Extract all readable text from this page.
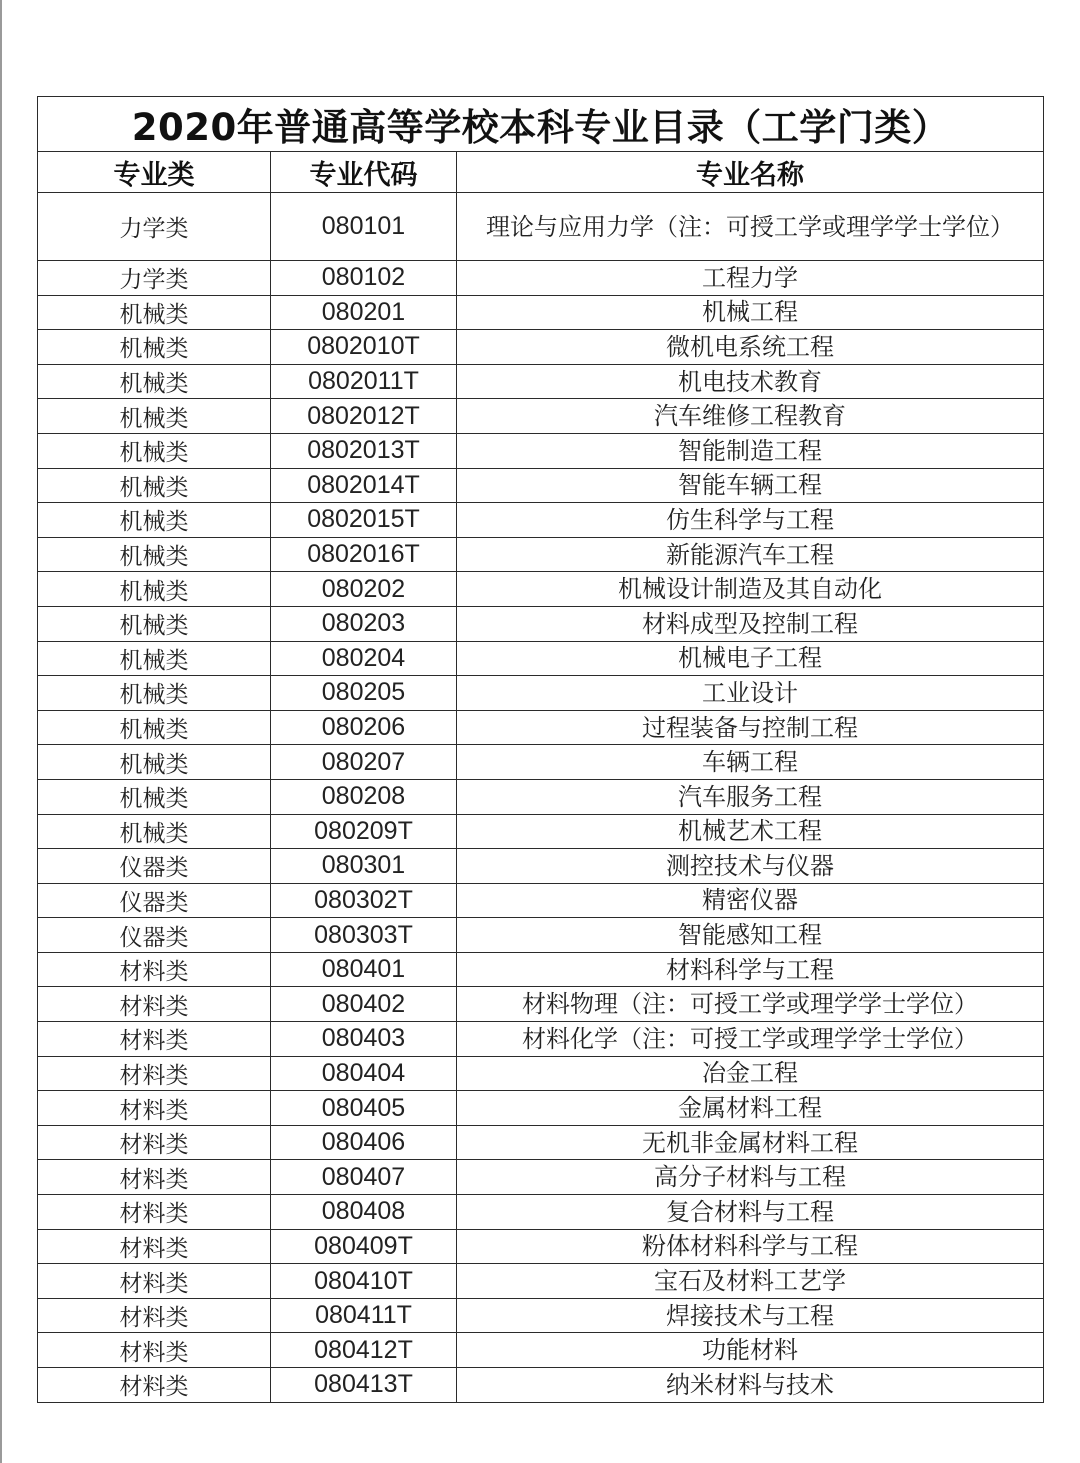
2020年普通高等学校本科专业目录（工学门类）		
专业类	专业代码	专业名称
力学类	080101	理论与应用力学（注：可授工学或理学学士学位）
力学类	080102	工程力学
机械类	080201	机械工程
机械类	0802010T	微机电系统工程
机械类	0802011T	机电技术教育
机械类	0802012T	汽车维修工程教育
机械类	0802013T	智能制造工程
机械类	0802014T	智能车辆工程
机械类	0802015T	仿生科学与工程
机械类	0802016T	新能源汽车工程
机械类	080202	机械设计制造及其自动化
机械类	080203	材料成型及控制工程
机械类	080204	机械电子工程
机械类	080205	工业设计
机械类	080206	过程装备与控制工程
机械类	080207	车辆工程
机械类	080208	汽车服务工程
机械类	080209T	机械艺术工程
仪器类	080301	测控技术与仪器
仪器类	080302T	精密仪器
仪器类	080303T	智能感知工程
材料类	080401	材料科学与工程
材料类	080402	材料物理（注：可授工学或理学学士学位）
材料类	080403	材料化学（注：可授工学或理学学士学位）
材料类	080404	冶金工程
材料类	080405	金属材料工程
材料类	080406	无机非金属材料工程
材料类	080407	高分子材料与工程
材料类	080408	复合材料与工程
材料类	080409T	粉体材料科学与工程
材料类	080410T	宝石及材料工艺学
材料类	080411T	焊接技术与工程
材料类	080412T	功能材料
材料类	080413T	纳米材料与技术
